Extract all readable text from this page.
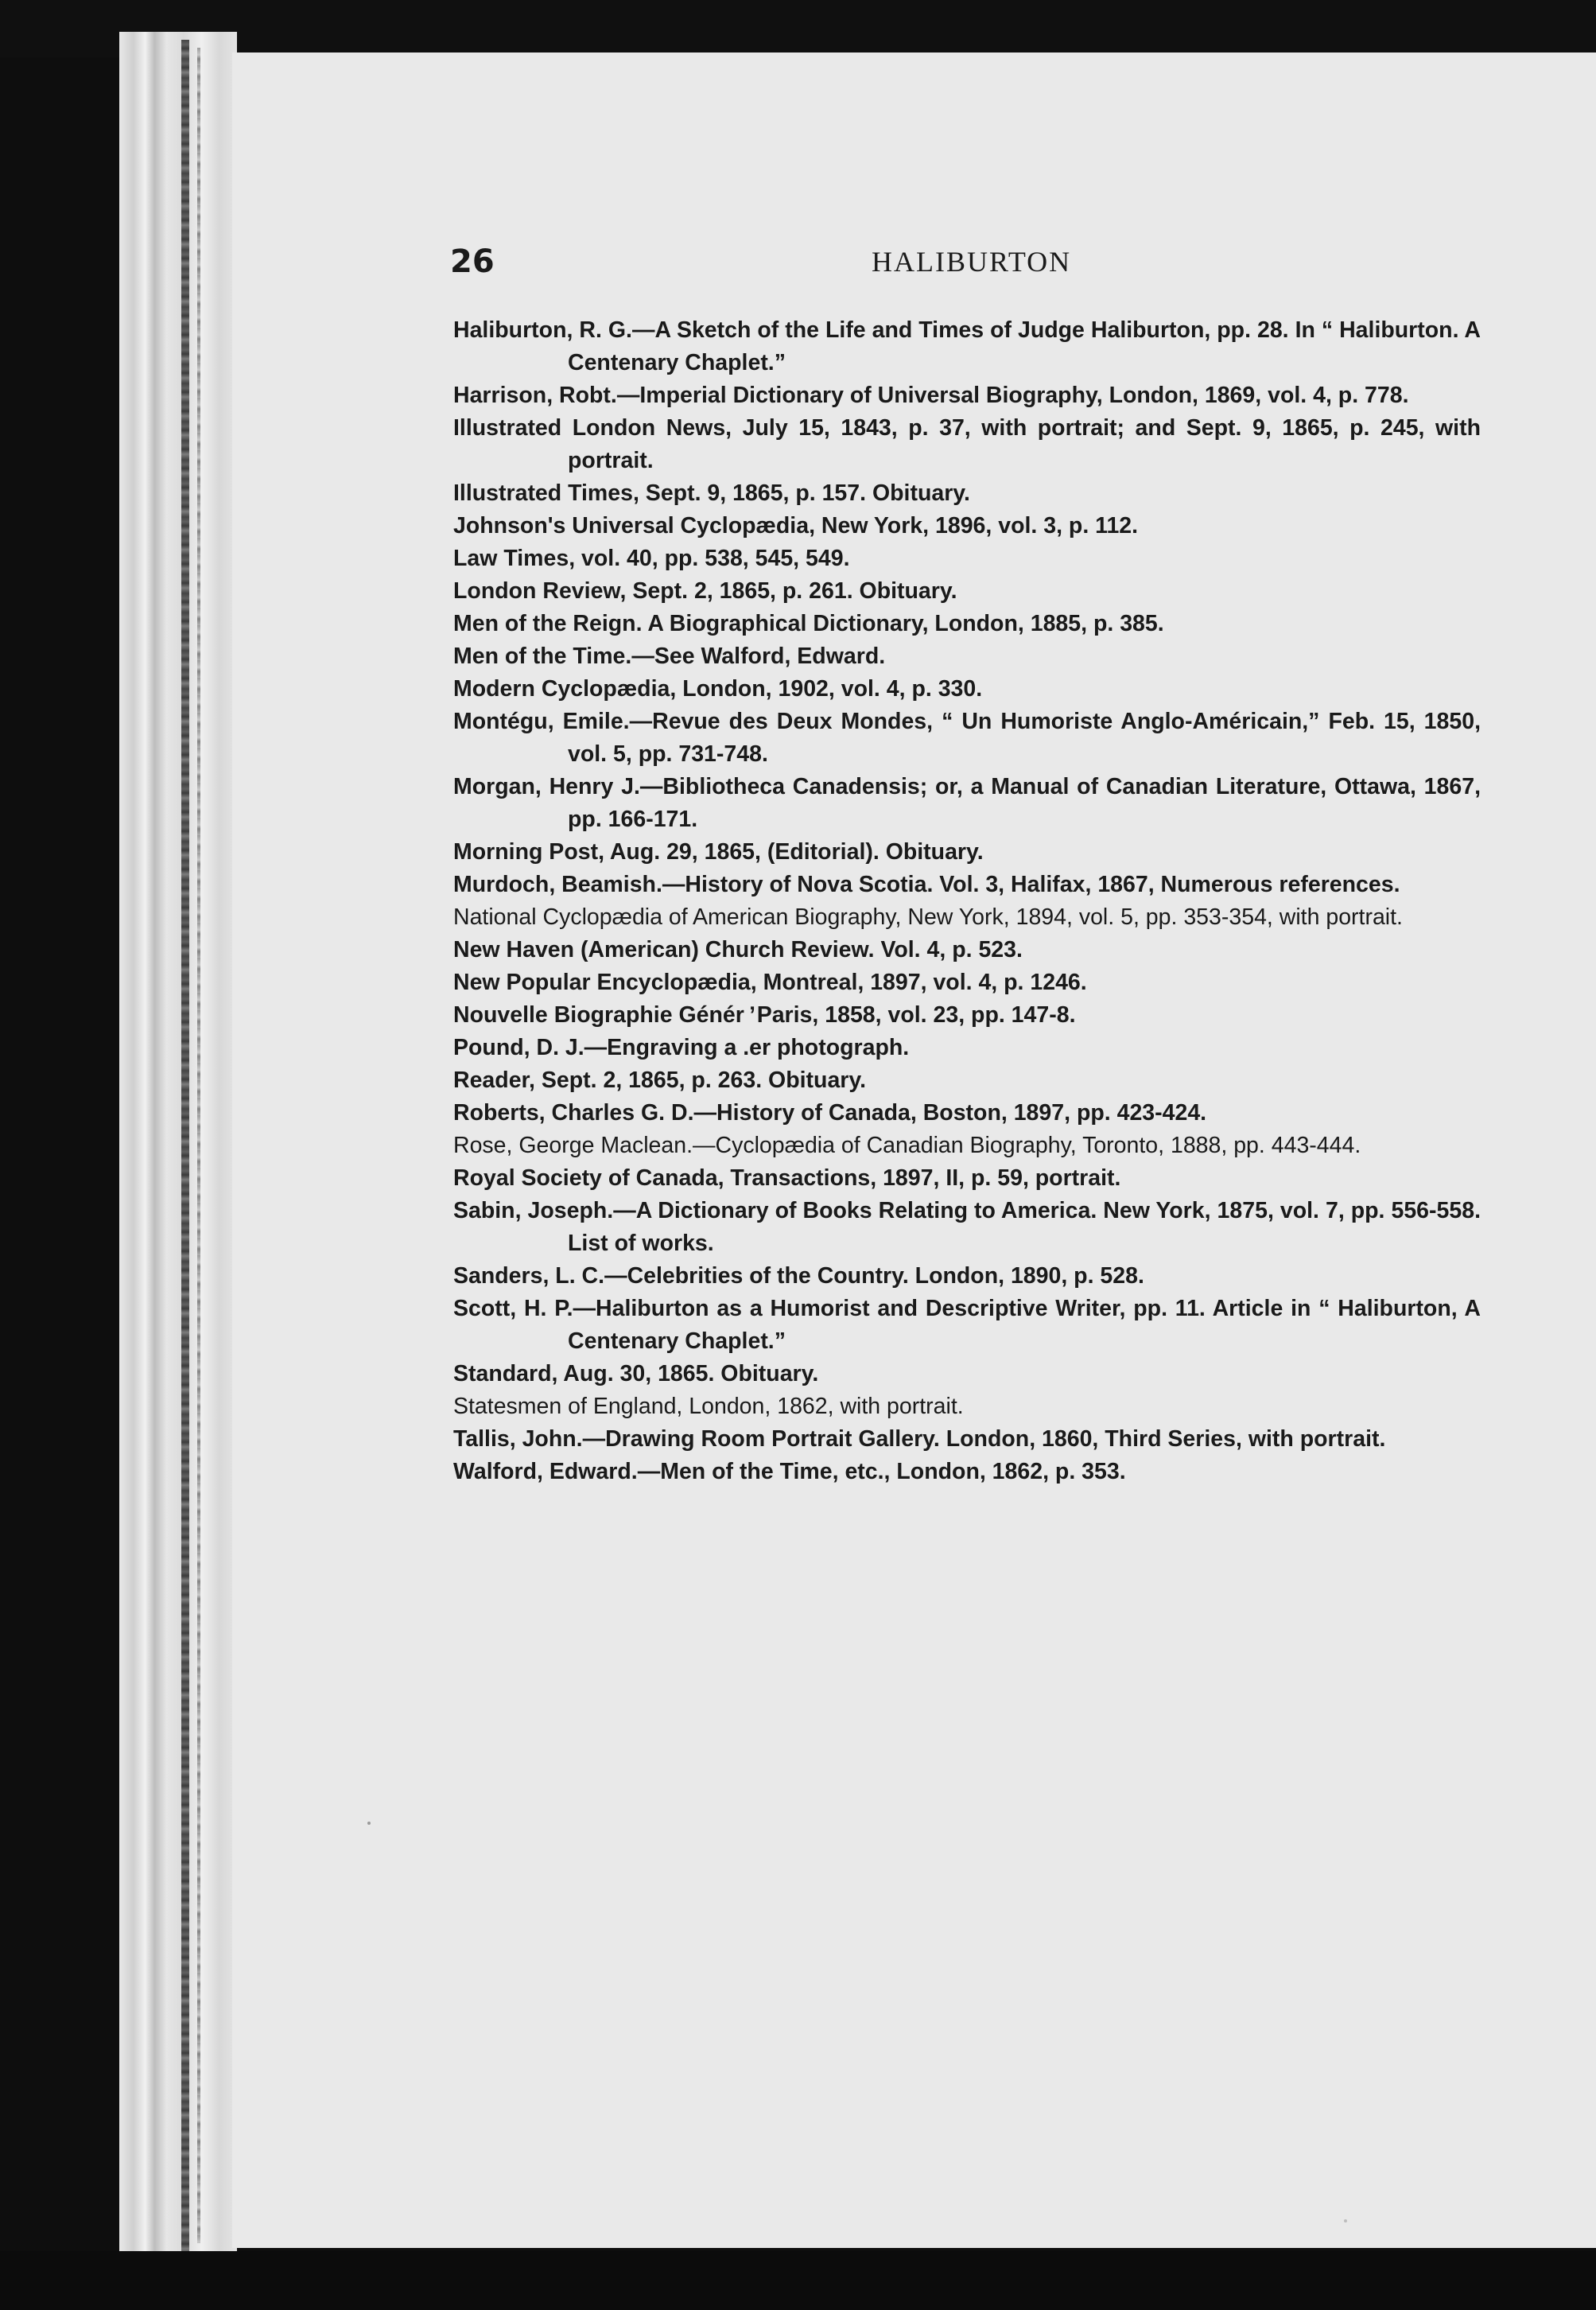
26	HALIBURTON

Haliburton, R. G.—A Sketch of the Life and Times of Judge Haliburton, pp. 28. In “ Haliburton. A Centenary Chaplet.”

Harrison, Robt.—Imperial Dictionary of Universal Biography, London, 1869, vol. 4, p. 778.

Illustrated London News, July 15, 1843, p. 37, with portrait; and Sept. 9, 1865, p. 245, with portrait.

Illustrated Times, Sept. 9, 1865, p. 157. Obituary.

Johnson's Universal Cyclopædia, New York, 1896, vol. 3, p. 112.

Law Times, vol. 40, pp. 538, 545, 549.

London Review, Sept. 2, 1865, p. 261. Obituary.

Men of the Reign. A Biographical Dictionary, London, 1885, p. 385.

Men of the Time.—See Walford, Edward.

Modern Cyclopædia, London, 1902, vol. 4, p. 330.

Montégu, Emile.—Revue des Deux Mondes, “ Un Humoriste Anglo-Américain,” Feb. 15, 1850, vol. 5, pp. 731-748.

Morgan, Henry J.—Bibliotheca Canadensis; or, a Manual of Canadian Literature, Ottawa, 1867, pp. 166-171.

Morning Post, Aug. 29, 1865, (Editorial). Obituary.

Murdoch, Beamish.—History of Nova Scotia. Vol. 3, Halifax, 1867, Numerous references.

National Cyclopædia of American Biography, New York, 1894, vol. 5, pp. 353-354, with portrait.

New Haven (American) Church Review. Vol. 4, p. 523.

New Popular Encyclopædia, Montreal, 1897, vol. 4, p. 1246.

Nouvelle Biographie Génér ̕ Paris, 1858, vol. 23, pp. 147-8.

Pound, D. J.—Engraving a .er photograph.

Reader, Sept. 2, 1865, p. 263. Obituary.

Roberts, Charles G. D.—History of Canada, Boston, 1897, pp. 423-424.

Rose, George Maclean.—Cyclopædia of Canadian Biography, Toronto, 1888, pp. 443-444.

Royal Society of Canada, Transactions, 1897, II, p. 59, portrait.

Sabin, Joseph.—A Dictionary of Books Relating to America. New York, 1875, vol. 7, pp. 556-558. List of works.

Sanders, L. C.—Celebrities of the Country. London, 1890, p. 528.

Scott, H. P.—Haliburton as a Humorist and Descriptive Writer, pp. 11. Article in “ Haliburton, A Centenary Chaplet.”

Standard, Aug. 30, 1865. Obituary.

Statesmen of England, London, 1862, with portrait.

Tallis, John.—Drawing Room Portrait Gallery. London, 1860, Third Series, with portrait.

Walford, Edward.—Men of the Time, etc., London, 1862, p. 353.
